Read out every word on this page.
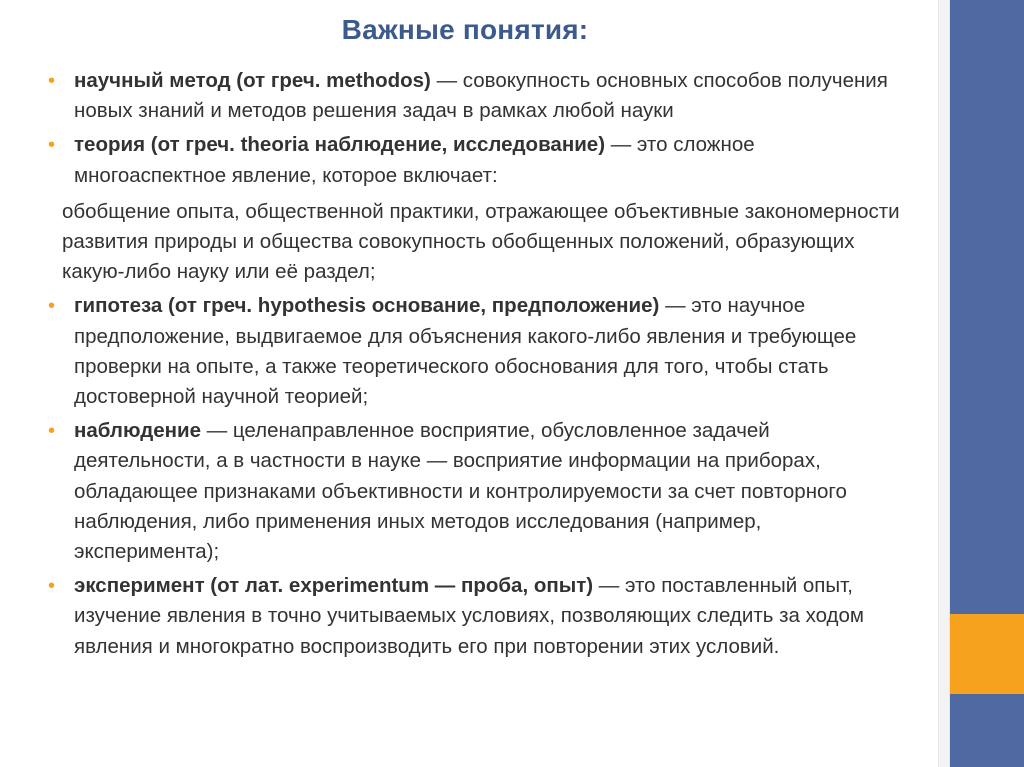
Важные понятия:
• научный метод (от греч. methodos) — совокупность основных способов получения новых знаний и методов решения задач в рамках любой науки
• теория (от греч. theoria наблюдение, исследование) — это сложное многоаспектное явление, которое включает:
обобщение опыта, общественной практики, отражающее объективные закономерности развития природы и общества совокупность обобщенных положений, образующих какую-либо науку или её раздел;
• гипотеза (от греч. hypothesis основание, предположение) — это научное предположение, выдвигаемое для объяснения какого-либо явления и требующее проверки на опыте, а также теоретического обоснования для того, чтобы стать достоверной научной теорией;
• наблюдение — целенаправленное восприятие, обусловленное задачей деятельности, а в частности в науке — восприятие информации на приборах, обладающее признаками объективности и контролируемости за счет повторного наблюдения, либо применения иных методов исследования (например, эксперимента);
• эксперимент (от лат. experimentum — проба, опыт) — это поставленный опыт, изучение явления в точно учитываемых условиях, позволяющих следить за ходом явления и многократно воспроизводить его при повторении этих условий.
